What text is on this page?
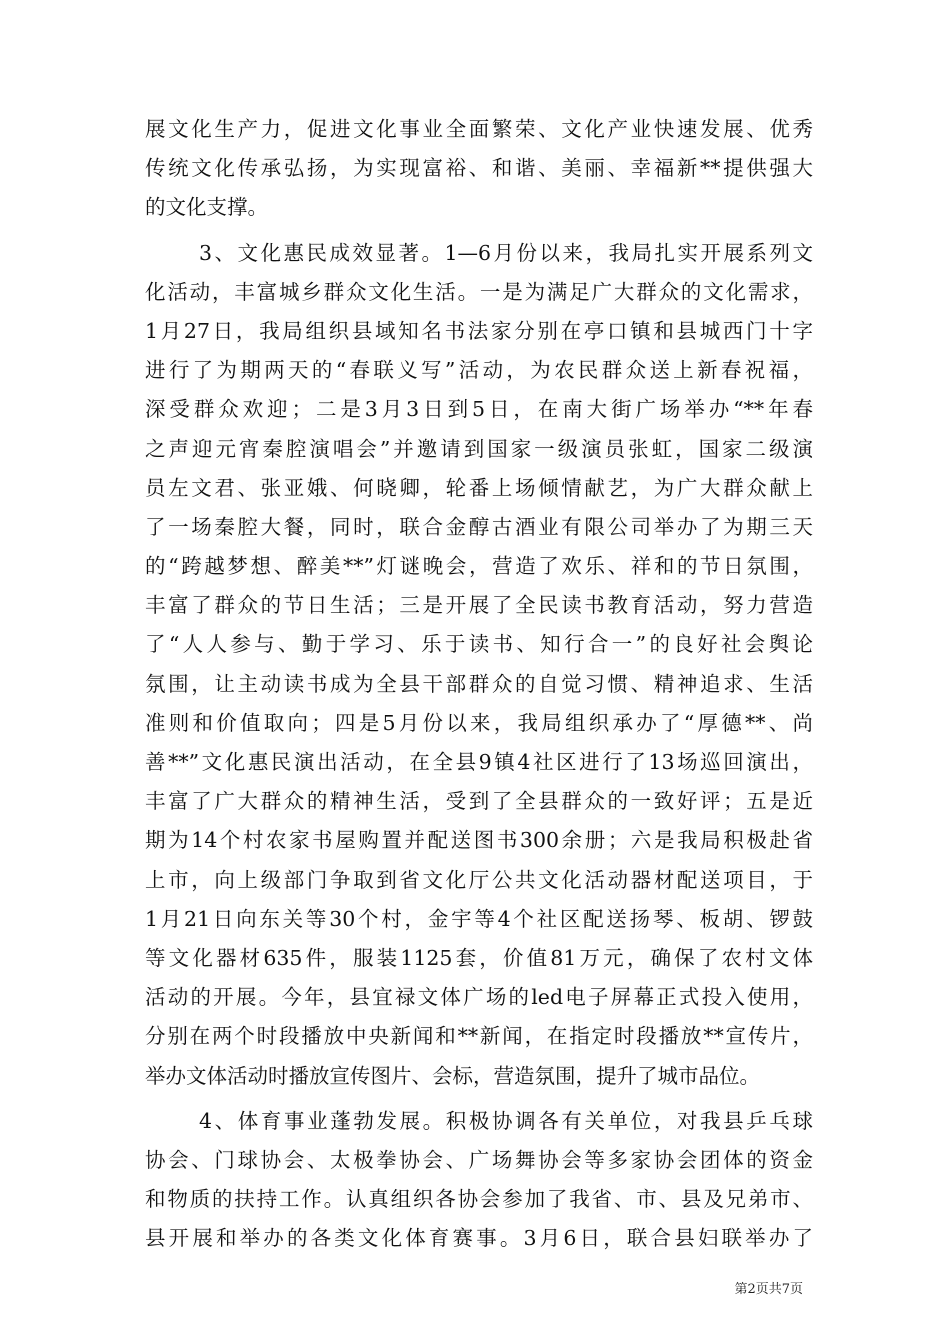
展文化生产力，促进文化事业全面繁荣、文化产业快速发展、优秀
传统文化传承弘扬，为实现富裕、和谐、美丽、幸福新**提供强大
的文化支撑。
3、文化惠民成效显著。1—6月份以来，我局扎实开展系列文
化活动，丰富城乡群众文化生活。一是为满足广大群众的文化需求，
1月27日，我局组织县域知名书法家分别在亭口镇和县城西门十字
进行了为期两天的“春联义写”活动，为农民群众送上新春祝福，
深受群众欢迎；二是3月3日到5日，在南大街广场举办“**年春
之声迎元宵秦腔演唱会”并邀请到国家一级演员张虹，国家二级演
员左文君、张亚娥、何晓卿，轮番上场倾情献艺，为广大群众献上
了一场秦腔大餐，同时，联合金醇古酒业有限公司举办了为期三天
的“跨越梦想、醉美**”灯谜晚会，营造了欢乐、祥和的节日氛围，
丰富了群众的节日生活；三是开展了全民读书教育活动，努力营造
了“人人参与、勤于学习、乐于读书、知行合一”的良好社会舆论
氛围，让主动读书成为全县干部群众的自觉习惯、精神追求、生活
准则和价值取向；四是5月份以来，我局组织承办了“厚德**、尚
善**”文化惠民演出活动，在全县9镇4社区进行了13场巡回演出，
丰富了广大群众的精神生活，受到了全县群众的一致好评；五是近
期为14个村农家书屋购置并配送图书300余册；六是我局积极赴省
上市，向上级部门争取到省文化厅公共文化活动器材配送项目，于
1月21日向东关等30个村，金宇等4个社区配送扬琴、板胡、锣鼓
等文化器材635件，服装1125套，价值81万元，确保了农村文体
活动的开展。今年，县宜禄文体广场的led电子屏幕正式投入使用，
分别在两个时段播放中央新闻和**新闻，在指定时段播放**宣传片，
举办文体活动时播放宣传图片、会标，营造氛围，提升了城市品位。
4、体育事业蓬勃发展。积极协调各有关单位，对我县乒乓球
协会、门球协会、太极拳协会、广场舞协会等多家协会团体的资金
和物质的扶持工作。认真组织各协会参加了我省、市、县及兄弟市、
县开展和举办的各类文化体育赛事。3月6日，联合县妇联举办了
第2页共7页
